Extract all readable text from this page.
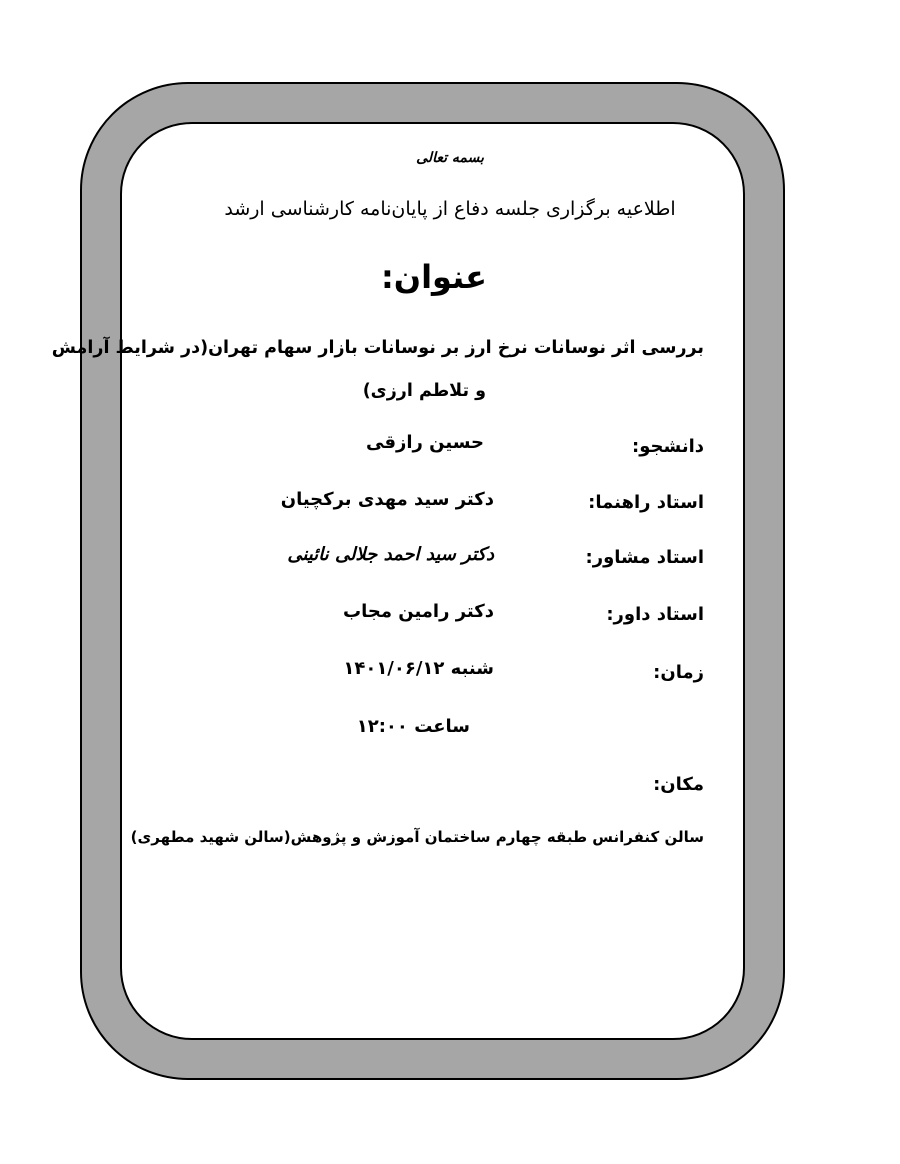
بسمه تعالی
اطلاعیه برگزاری جلسه دفاع از پایان‌نامه کارشناسی ارشد
عنوان:
بررسی اثر نوسانات نرخ ارز بر نوسانات بازار سهام تهران(در شرایط آرامش
و تلاطم ارزی)
دانشجو:
حسین رازقی
استاد راهنما:
دکتر سید مهدی برکچیان
استاد مشاور:
دکتر سید احمد جلالی نائینی
استاد داور:
دکتر رامین مجاب
زمان:
شنبه ۱۴۰۱/۰۶/۱۲
ساعت ۱۲:۰۰
مکان:
سالن کنفرانس طبقه چهارم ساختمان آموزش و پژوهش(سالن شهید مطهری)
